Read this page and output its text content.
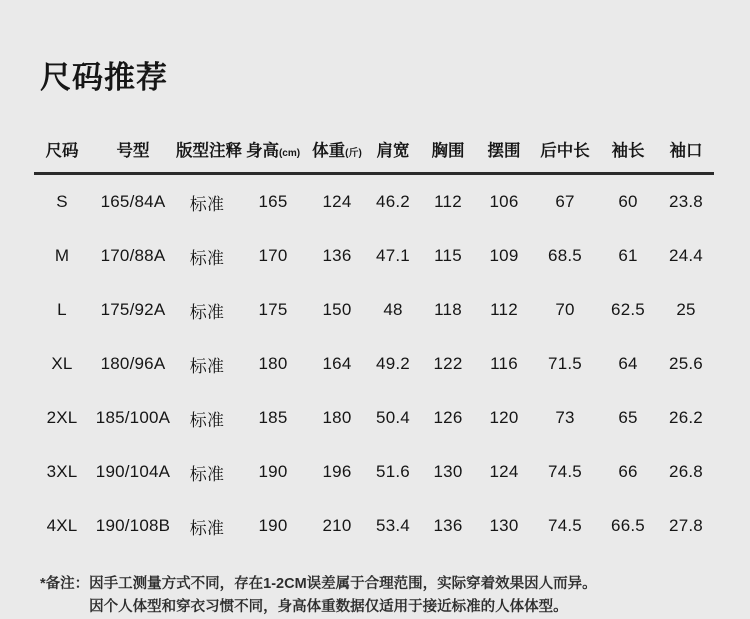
尺码推荐
尺码	号型	版型注释	身高(cm)	体重(斤)	肩宽	胸围	摆围	后中长	袖长	袖口
S	165/84A	标准	165	124	46.2	112	106	67	60	23.8
M	170/88A	标准	170	136	47.1	115	109	68.5	61	24.4
L	175/92A	标准	175	150	48	118	112	70	62.5	25
XL	180/96A	标准	180	164	49.2	122	116	71.5	64	25.6
2XL	185/100A	标准	185	180	50.4	126	120	73	65	26.2
3XL	190/104A	标准	190	196	51.6	130	124	74.5	66	26.8
4XL	190/108B	标准	190	210	53.4	136	130	74.5	66.5	27.8
*备注： 因手工测量方式不同，存在1-2CM误差属于合理范围，实际穿着效果因人而异。
因个人体型和穿衣习惯不同，身高体重数据仅适用于接近标准的人体体型。
